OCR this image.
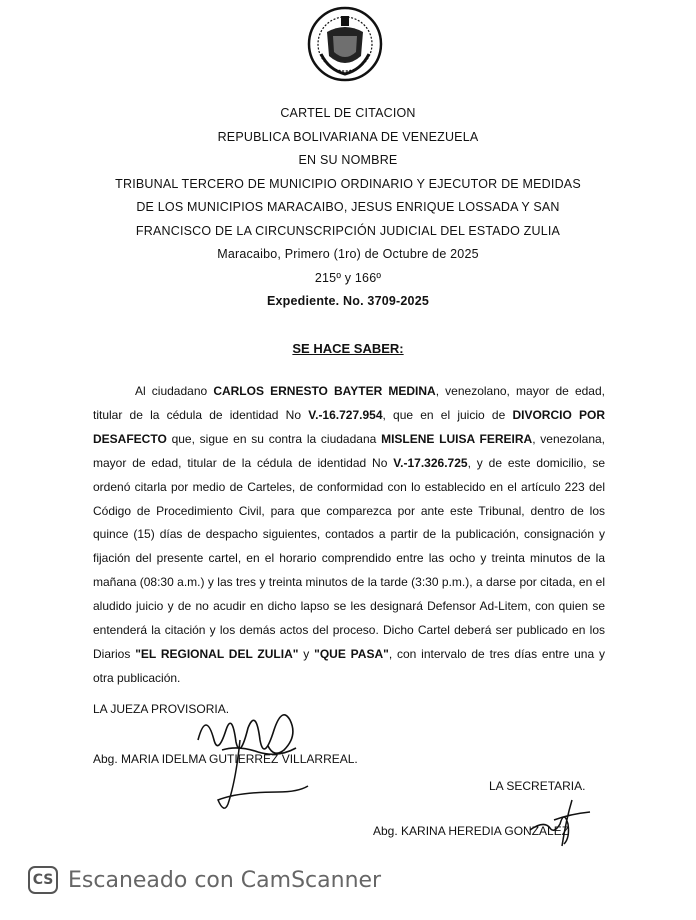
CARTEL DE CITACION
REPUBLICA BOLIVARIANA DE VENEZUELA
EN SU NOMBRE
TRIBUNAL TERCERO DE MUNICIPIO ORDINARIO Y EJECUTOR DE MEDIDAS
DE LOS MUNICIPIOS MARACAIBO, JESUS ENRIQUE LOSSADA Y SAN
FRANCISCO DE LA CIRCUNSCRIPCIÓN JUDICIAL DEL ESTADO ZULIA
Maracaibo, Primero (1ro) de Octubre de 2025
215º y 166º
Expediente. No. 3709-2025
SE HACE SABER:

Al ciudadano CARLOS ERNESTO BAYTER MEDINA, venezolano, mayor de edad, titular de la cédula de identidad No V.-16.727.954, que en el juicio de DIVORCIO POR DESAFECTO que, sigue en su contra la ciudadana MISLENE LUISA FEREIRA, venezolana, mayor de edad, titular de la cédula de identidad No V.-17.326.725, y de este domicilio, se ordenó citarla por medio de Carteles, de conformidad con lo establecido en el artículo 223 del Código de Procedimiento Civil, para que comparezca por ante este Tribunal, dentro de los quince (15) días de despacho siguientes, contados a partir de la publicación, consignación y fijación del presente cartel, en el horario comprendido entre las ocho y treinta minutos de la mañana (08:30 a.m.) y las tres y treinta minutos de la tarde (3:30 p.m.), a darse por citada, en el aludido juicio y de no acudir en dicho lapso se les designará Defensor Ad-Litem, con quien se entenderá la citación y los demás actos del proceso. Dicho Cartel deberá ser publicado en los Diarios "EL REGIONAL DEL ZULIA" y "QUE PASA", con intervalo de tres días entre una y otra publicación.

LA JUEZA PROVISORIA.
Abg. MARIA IDELMA GUTIERREZ VILLARREAL.
LA SECRETARIA.
Abg. KARINA HEREDIA GONZALEZ
CS Escaneado con CamScanner
